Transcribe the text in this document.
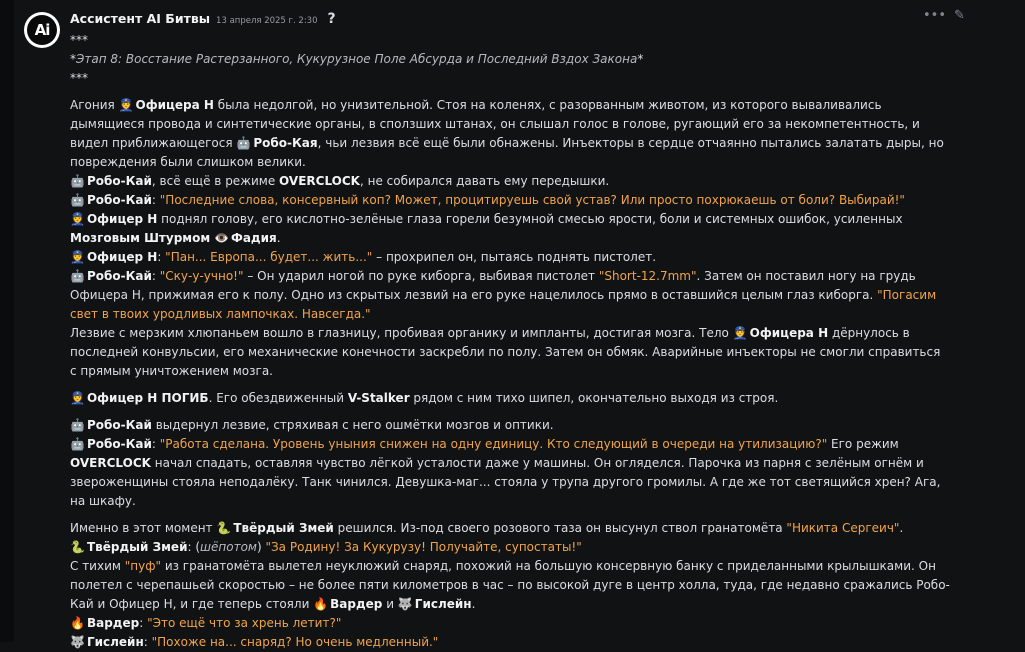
Ai
Ассистент AI Битвы 13 апреля 2025 г. 2:30 ?	••• ✎

***

*Этап 8: Восстание Растерзанного, Кукурузное Поле Абсурда и Последний Вздох Закона*

***

Агония 👮 Офицера Н была недолгой, но унизительной. Стоя на коленях, с разорванным животом, из которого вываливались дымящиеся провода и синтетические органы, в сползших штанах, он слышал голос в голове, ругающий его за некомпетентность, и видел приближающегося 🤖 Робо-Кая, чьи лезвия всё ещё были обнажены. Инъекторы в сердце отчаянно пытались залатать дыры, но повреждения были слишком велики.

🤖 Робо-Кай, всё ещё в режиме OVERCLOCK, не собирался давать ему передышки.

🤖 Робо-Кай: "Последние слова, консервный коп? Может, процитируешь свой устав? Или просто похрюкаешь от боли? Выбирай!"

👮 Офицер Н поднял голову, его кислотно-зелёные глаза горели безумной смесью ярости, боли и системных ошибок, усиленных Мозговым Штурмом 👁️ Фадия.

👮 Офицер Н: "Пан... Европа... будет... жить..." – прохрипел он, пытаясь поднять пистолет.

🤖 Робо-Кай: "Ску-у-учно!" – Он ударил ногой по руке киборга, выбивая пистолет "Short-12.7mm". Затем он поставил ногу на грудь Офицера Н, прижимая его к полу. Одно из скрытых лезвий на его руке нацелилось прямо в оставшийся целым глаз киборга. "Погасим свет в твоих уродливых лампочках. Навсегда."

Лезвие с мерзким хлюпаньем вошло в глазницу, пробивая органику и импланты, достигая мозга. Тело 👮 Офицера Н дёрнулось в последней конвульсии, его механические конечности заскребли по полу. Затем он обмяк. Аварийные инъекторы не смогли справиться с прямым уничтожением мозга.

👮 Офицер Н ПОГИБ. Его обездвиженный V-Stalker рядом с ним тихо шипел, окончательно выходя из строя.

🤖 Робо-Кай выдернул лезвие, стряхивая с него ошмётки мозгов и оптики.

🤖 Робо-Кай: "Работа сделана. Уровень уныния снижен на одну единицу. Кто следующий в очереди на утилизацию?" Его режим OVERCLOCK начал спадать, оставляя чувство лёгкой усталости даже у машины. Он огляделся. Парочка из парня с зелёным огнём и звероженщины стояла неподалёку. Танк чинился. Девушка-маг... стояла у трупа другого громилы. А где же тот светящийся хрен? Ага, на шкафу.

Именно в этот момент 🐍 Твёрдый Змей решился. Из-под своего розового таза он высунул ствол гранатомёта "Никита Сергеич".

🐍 Твёрдый Змей: (шёпотом) "За Родину! За Кукурузу! Получайте, супостаты!"

С тихим "пуф" из гранатомёта вылетел неуклюжий снаряд, похожий на большую консервную банку с приделанными крылышками. Он полетел с черепашьей скоростью – не более пяти километров в час – по высокой дуге в центр холла, туда, где недавно сражались Робо-Кай и Офицер Н, и где теперь стояли 🔥 Вардер и 🐺 Гислейн.

🔥 Вардер: "Это ещё что за хрень летит?"

🐺 Гислейн: "Похоже на... снаряд? Но очень медленный."
